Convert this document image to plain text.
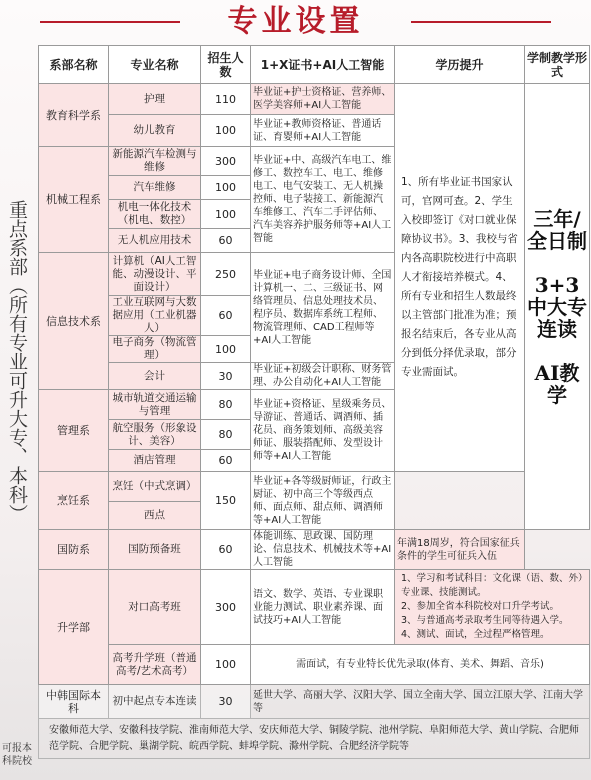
专业设置
重点系部（所有专业可升大专、本科）
可报本科院校
系部名称	专业名称	招生人数	1+X证书+AI人工智能	学历提升	学制教学形式
教育科学系	护理	110	毕业证+护士资格证、营养师、医学美容师+AI人工智能	1、所有毕业证书国家认可，官网可查。2、学生入校即签订《对口就业保障协议书》。3、我校与省内各高职院校进行中高职人才衔接培养模式。4、所有专业和招生人数最终以主管部门批准为准；预报名结束后，各专业从高分到低分择优录取，部分专业需面试。	三年/全日制

3+3中大专连读

AI教学

	幼儿教育	100	毕业证+教师资格证、普通话证、育婴师+AI人工智能		
机械工程系	新能源汽车检测与维修	300	毕业证+中、高级汽车电工、维修工、数控车工、电工、维修电工、电气安装工、无人机操控师、电子装接工、新能源汽车维修工、汽车二手评估师、汽车美容养护服务师等+AI人工智能		
	汽车维修	100			
	机电一体化技术（机电、数控）	100			
	无人机应用技术	60			
信息技术系	计算机（AI人工智能、动漫设计、平面设计）	250	毕业证+电子商务设计师、全国计算机一、二、三级证书、网络管理员、信息处理技术员、程序员、数据库系统工程师、物流管理师、CAD工程师等+AI人工智能		
	工业互联网与大数据应用（工业机器人）	60			
	电子商务（物流管理）	100			
	会计	30	毕业证+初级会计职称、财务管理、办公自动化+AI人工智能		
管理系	城市轨道交通运输与管理	80	毕业证+资格证、星级乘务员、导游证、普通话、调酒师、插花员、商务策划师、高级美容师证、服装搭配师、发型设计师等+AI人工智能		
	航空服务（形象设计、美容）	80			
	酒店管理	60			
烹饪系	烹饪（中式烹调）	150	毕业证+各等级厨师证，行政主厨证、初中高三个等级西点师、面点师、甜点师、调酒师等+AI人工智能		
	西点				
国防系	国防预备班	60	体能训练、思政课、国防理论、信息技术、机械技术等+AI人工智能	年满18周岁，符合国家征兵条件的学生可征兵入伍	
升学部	对口高考班	300	语文、数学、英语、专业课职业能力测试、职业素养课、面试技巧+AI人工智能	1、学习和考试科目：文化课（语、数、外）专业课、技能测试。
2、参加全省本科院校对口升学考试。
3、与普通高考录取考生同等待遇入学。
4、测试、面试，全过程严格管理。	

	高考升学班（普通高考/艺术高考）	100	需面试，有专业特长优先录取(体育、美术、舞蹈、音乐)		
中韩国际本科	初中起点专本连读	30	延世大学、高丽大学、汉阳大学、国立全南大学、国立江原大学、江南大学等		
安徽师范大学、安徽科技学院、淮南师范大学、安庆师范大学、铜陵学院、池州学院、阜阳师范大学、黄山学院、合肥师范学院、合肥学院、巢湖学院、皖西学院、蚌埠学院、滁州学院、合肥经济学院等					
